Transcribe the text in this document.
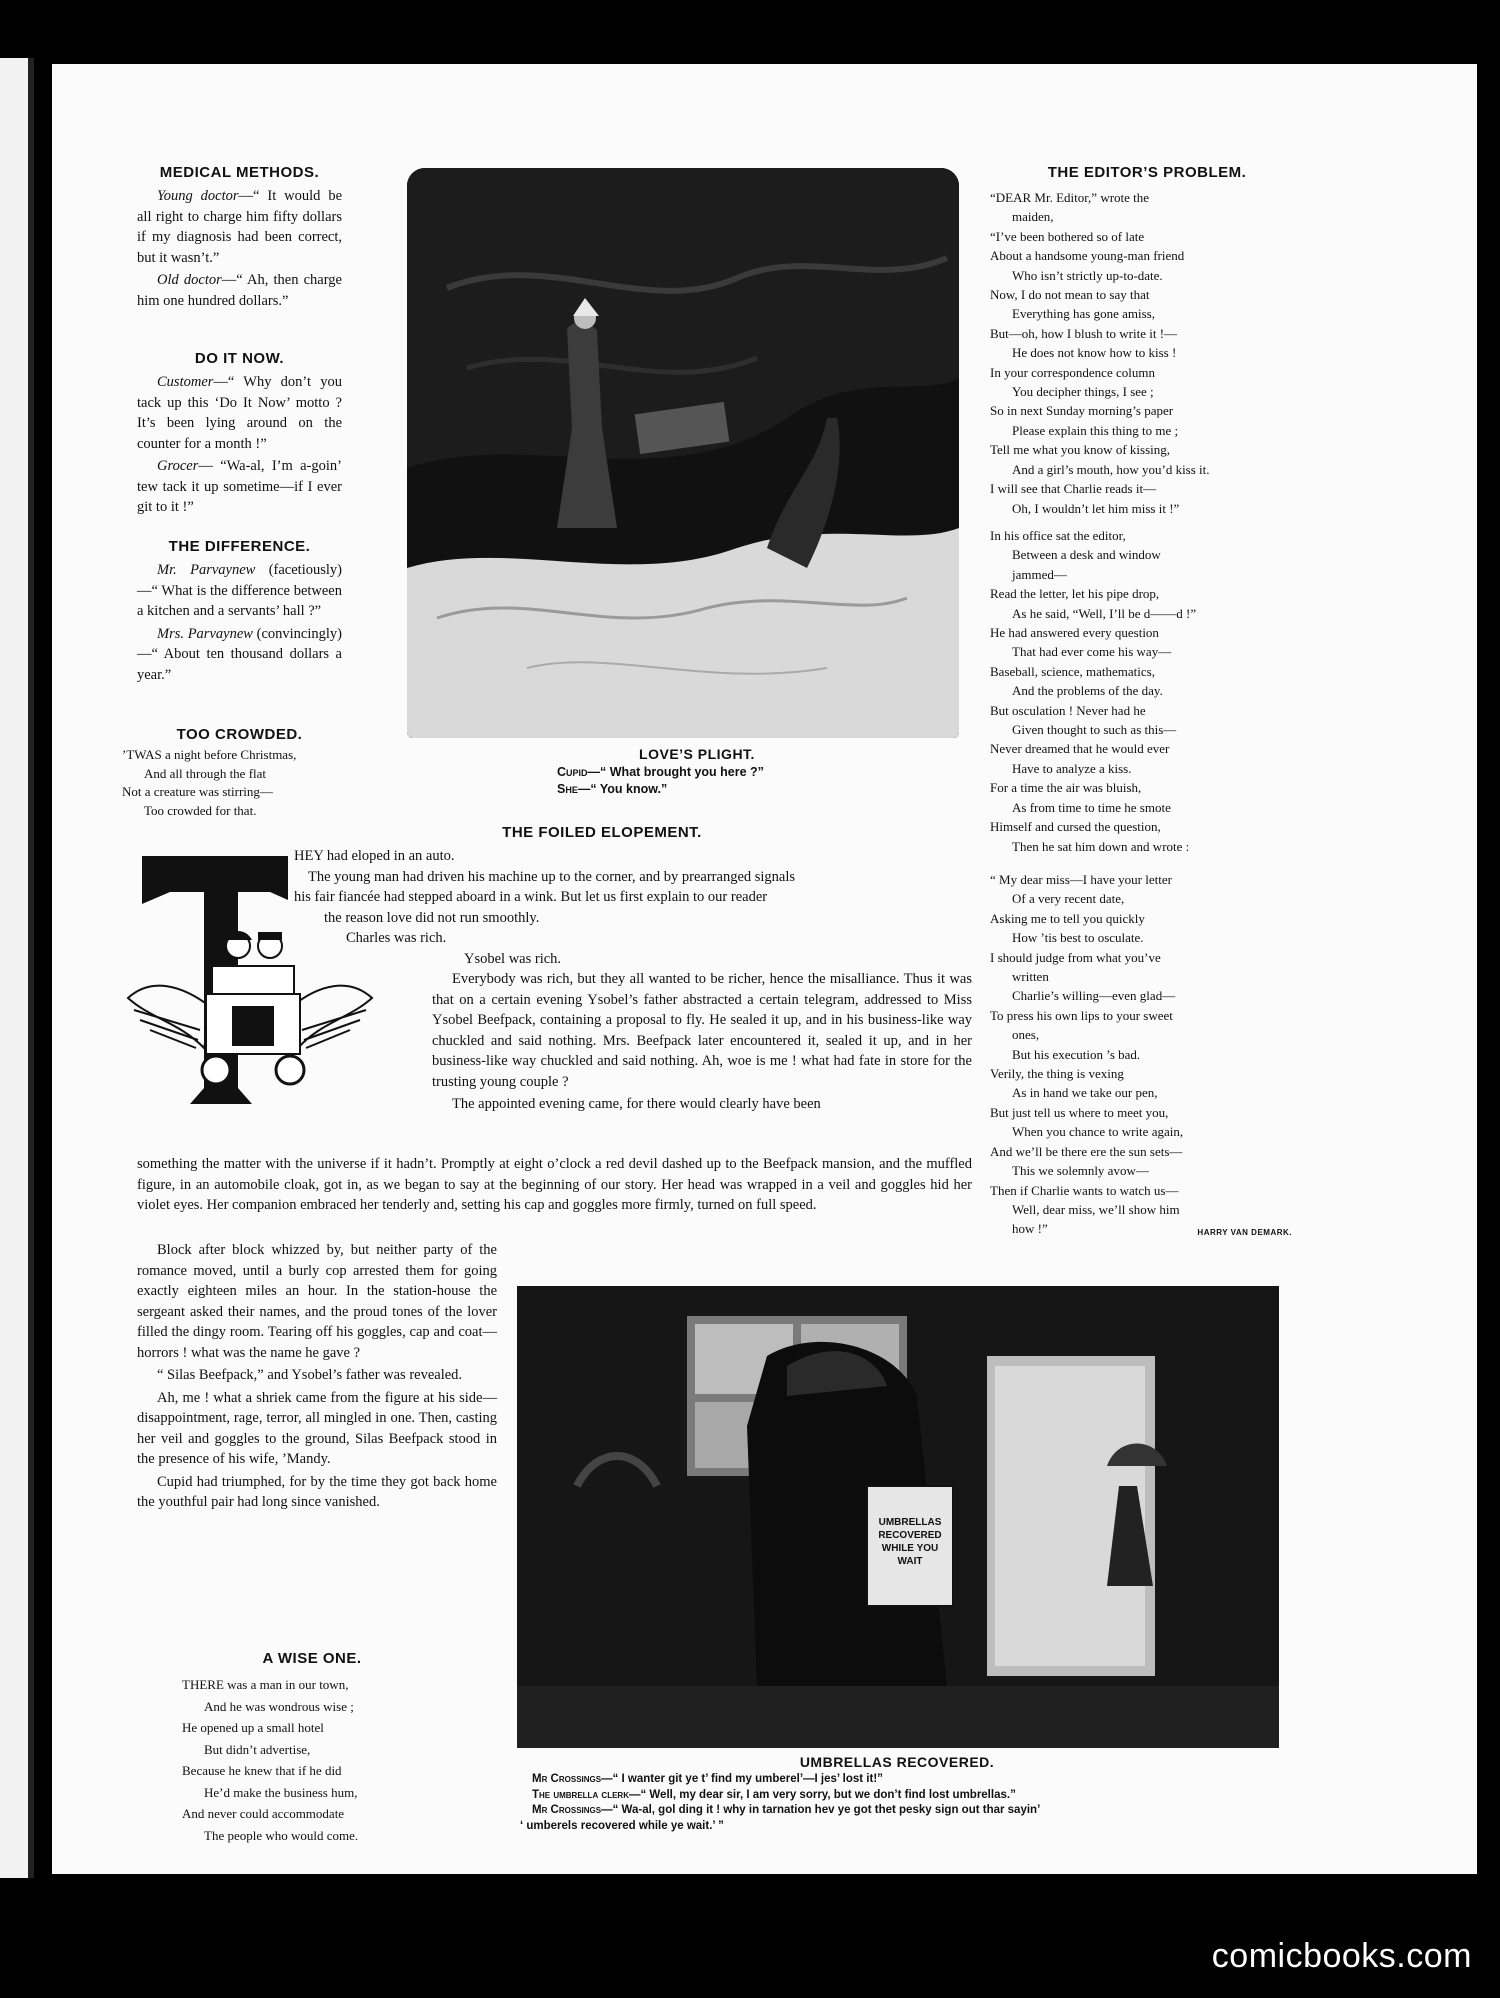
MEDICAL METHODS.

Young doctor—“ It would be all right to charge him fifty dollars if my diagnosis had been correct, but it wasn’t.”

Old doctor—“ Ah, then charge him one hundred dollars.”

DO IT NOW.

Customer—“ Why don’t you tack up this ‘Do It Now’ motto ? It’s been lying around on the counter for a month !”

Grocer— “Wa-al, I’m a-goin’ tew tack it up sometime—if I ever git to it !”

THE DIFFERENCE.

Mr. Parvaynew (facetiously) —“ What is the difference between a kitchen and a servants’ hall ?”

Mrs. Parvaynew (convincingly)—“ About ten thousand dollars a year.”

TOO CROWDED.
’TWAS a night before Christmas,
And all through the flat
Not a creature was stirring—
Too crowded for that.
LOVE’S PLIGHT.
Cupid—“ What brought you here ?”
She—“ You know.”
THE FOILED ELOPEMENT.
HEY had eloped in an auto.
The young man had driven his machine up to the corner, and by prearranged signals
his fair fiancée had stepped aboard in a wink. But let us first explain to our reader
the reason love did not run smoothly.
Charles was rich.
Ysobel was rich.

Everybody was rich, but they all wanted to be richer, hence the misalliance. Thus it was that on a certain evening Ysobel’s father abstracted a certain telegram, addressed to Miss Ysobel Beefpack, containing a proposal to fly. He sealed it up, and in his business-like way chuckled and said nothing. Mrs. Beefpack later encountered it, sealed it up, and in her business-like way chuckled and said nothing. Ah, woe is me ! what had fate in store for the trusting young couple ?

The appointed evening came, for there would clearly have been

something the matter with the universe if it hadn’t. Promptly at eight o’clock a red devil dashed up to the Beefpack mansion, and the muffled figure, in an automobile cloak, got in, as we began to say at the beginning of our story. Her head was wrapped in a veil and goggles hid her violet eyes. Her companion embraced her tenderly and, setting his cap and goggles more firmly, turned on full speed.

Block after block whizzed by, but neither party of the romance moved, until a burly cop arrested them for going exactly eighteen miles an hour. In the station-house the sergeant asked their names, and the proud tones of the lover filled the dingy room. Tearing off his goggles, cap and coat—horrors ! what was the name he gave ?

“ Silas Beefpack,” and Ysobel’s father was revealed.

Ah, me ! what a shriek came from the figure at his side—disappointment, rage, terror, all mingled in one. Then, casting her veil and goggles to the ground, Silas Beefpack stood in the presence of his wife, ’Mandy.

Cupid had triumphed, for by the time they got back home the youthful pair had long since vanished.

A WISE ONE.
THERE was a man in our town,
And he was wondrous wise ;
He opened up a small hotel
But didn’t advertise,
Because he knew that if he did
He’d make the business hum,
And never could accommodate
The people who would come.
THE EDITOR’S PROBLEM.
“DEAR Mr. Editor,” wrote the
maiden,
“I’ve been bothered so of late
About a handsome young-man friend
Who isn’t strictly up-to-date.
Now, I do not mean to say that
Everything has gone amiss,
But—oh, how I blush to write it !—
He does not know how to kiss !
In your correspondence column
You decipher things, I see ;
So in next Sunday morning’s paper
Please explain this thing to me ;
Tell me what you know of kissing,
And a girl’s mouth, how you’d kiss it.
I will see that Charlie reads it—
Oh, I wouldn’t let him miss it !”
In his office sat the editor,
Between a desk and window
jammed—
Read the letter, let his pipe drop,
As he said, “Well, I’ll be d——d !”
He had answered every question
That had ever come his way—
Baseball, science, mathematics,
And the problems of the day.
But osculation ! Never had he
Given thought to such as this—
Never dreamed that he would ever
Have to analyze a kiss.
For a time the air was bluish,
As from time to time he smote
Himself and cursed the question,
Then he sat him down and wrote :
“ My dear miss—I have your letter
Of a very recent date,
Asking me to tell you quickly
How ’tis best to osculate.
I should judge from what you’ve
written
Charlie’s willing—even glad—
To press his own lips to your sweet
ones,
But his execution ’s bad.
Verily, the thing is vexing
As in hand we take our pen,
But just tell us where to meet you,
When you chance to write again,
And we’ll be there ere the sun sets—
This we solemnly avow—
Then if Charlie wants to watch us—
Well, dear miss, we’ll show him
how !”	HARRY VAN DEMARK.
UMBRELLAS RECOVERED WHILE YOU WAIT
UMBRELLAS RECOVERED.
Mr Crossings—“ I wanter git ye t’ find my umberel’—I jes’ lost it!”
The umbrella clerk—“ Well, my dear sir, I am very sorry, but we don’t find lost umbrellas.”
Mr Crossings—“ Wa-al, gol ding it ! why in tarnation hev ye got thet pesky sign out thar sayin’
‘ umberels recovered while ye wait.’ ”
comicbooks.com
